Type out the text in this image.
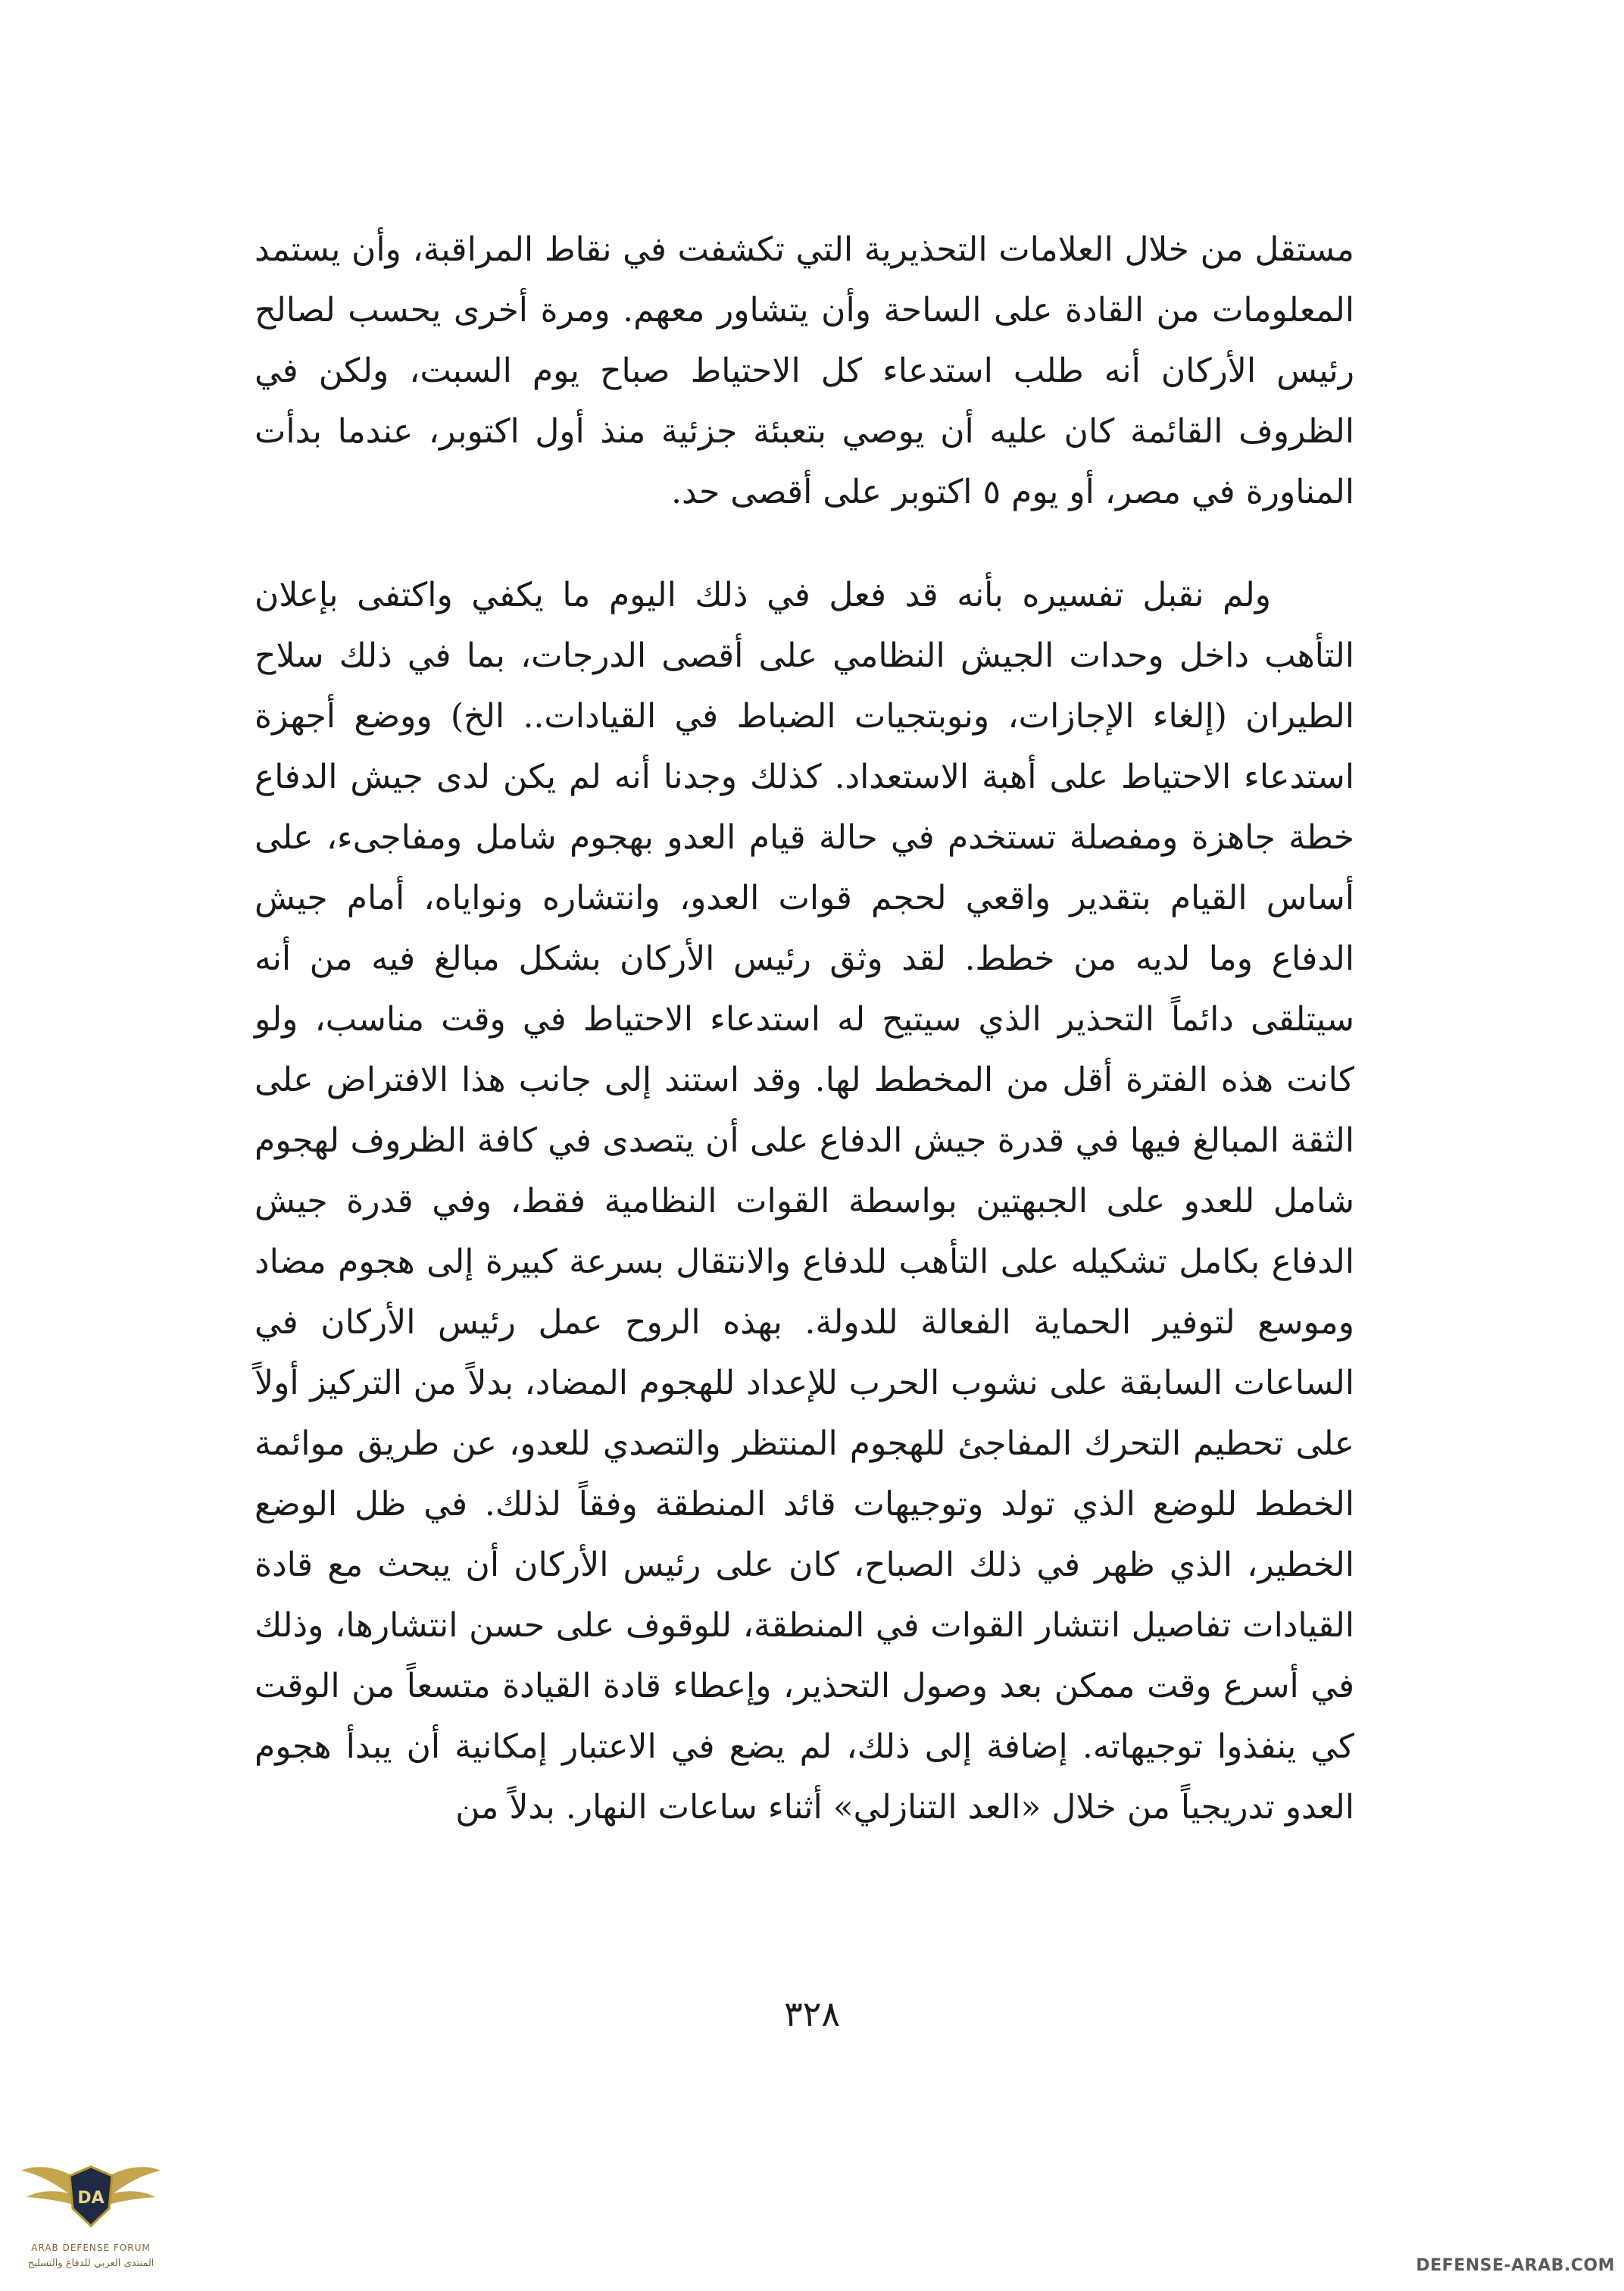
مستقل من خلال العلامات التحذيرية التي تكشفت في نقاط المراقبة، وأن يستمد المعلومات من القادة على الساحة وأن يتشاور معهم. ومرة أخرى يحسب لصالح رئيس الأركان أنه طلب استدعاء كل الاحتياط صباح يوم السبت، ولكن في الظروف القائمة كان عليه أن يوصي بتعبئة جزئية منذ أول اكتوبر، عندما بدأت المناورة في مصر، أو يوم ٥ اكتوبر على أقصى حد.

ولم نقبل تفسيره بأنه قد فعل في ذلك اليوم ما يكفي واكتفى بإعلان التأهب داخل وحدات الجيش النظامي على أقصى الدرجات، بما في ذلك سلاح الطيران (إلغاء الإجازات، ونوبتجيات الضباط في القيادات.. الخ) ووضع أجهزة استدعاء الاحتياط على أهبة الاستعداد. كذلك وجدنا أنه لم يكن لدى جيش الدفاع خطة جاهزة ومفصلة تستخدم في حالة قيام العدو بهجوم شامل ومفاجىء، على أساس القيام بتقدير واقعي لحجم قوات العدو، وانتشاره ونواياه، أمام جيش الدفاع وما لديه من خطط. لقد وثق رئيس الأركان بشكل مبالغ فيه من أنه سيتلقى دائماً التحذير الذي سيتيح له استدعاء الاحتياط في وقت مناسب، ولو كانت هذه الفترة أقل من المخطط لها. وقد استند إلى جانب هذا الافتراض على الثقة المبالغ فيها في قدرة جيش الدفاع على أن يتصدى في كافة الظروف لهجوم شامل للعدو على الجبهتين بواسطة القوات النظامية فقط، وفي قدرة جيش الدفاع بكامل تشكيله على التأهب للدفاع والانتقال بسرعة كبيرة إلى هجوم مضاد وموسع لتوفير الحماية الفعالة للدولة. بهذه الروح عمل رئيس الأركان في الساعات السابقة على نشوب الحرب للإعداد للهجوم المضاد، بدلاً من التركيز أولاً على تحطيم التحرك المفاجئ للهجوم المنتظر والتصدي للعدو، عن طريق موائمة الخطط للوضع الذي تولد وتوجيهات قائد المنطقة وفقاً لذلك. في ظل الوضع الخطير، الذي ظهر في ذلك الصباح، كان على رئيس الأركان أن يبحث مع قادة القيادات تفاصيل انتشار القوات في المنطقة، للوقوف على حسن انتشارها، وذلك في أسرع وقت ممكن بعد وصول التحذير، وإعطاء قادة القيادة متسعاً من الوقت كي ينفذوا توجيهاته. إضافة إلى ذلك، لم يضع في الاعتبار إمكانية أن يبدأ هجوم العدو تدريجياً من خلال «العد التنازلي» أثناء ساعات النهار. بدلاً من

٣٢٨
DA
ARAB DEFENSE FORUM
المنتدى العربي للدفاع والتسليح	DEFENSE-ARAB.COM
